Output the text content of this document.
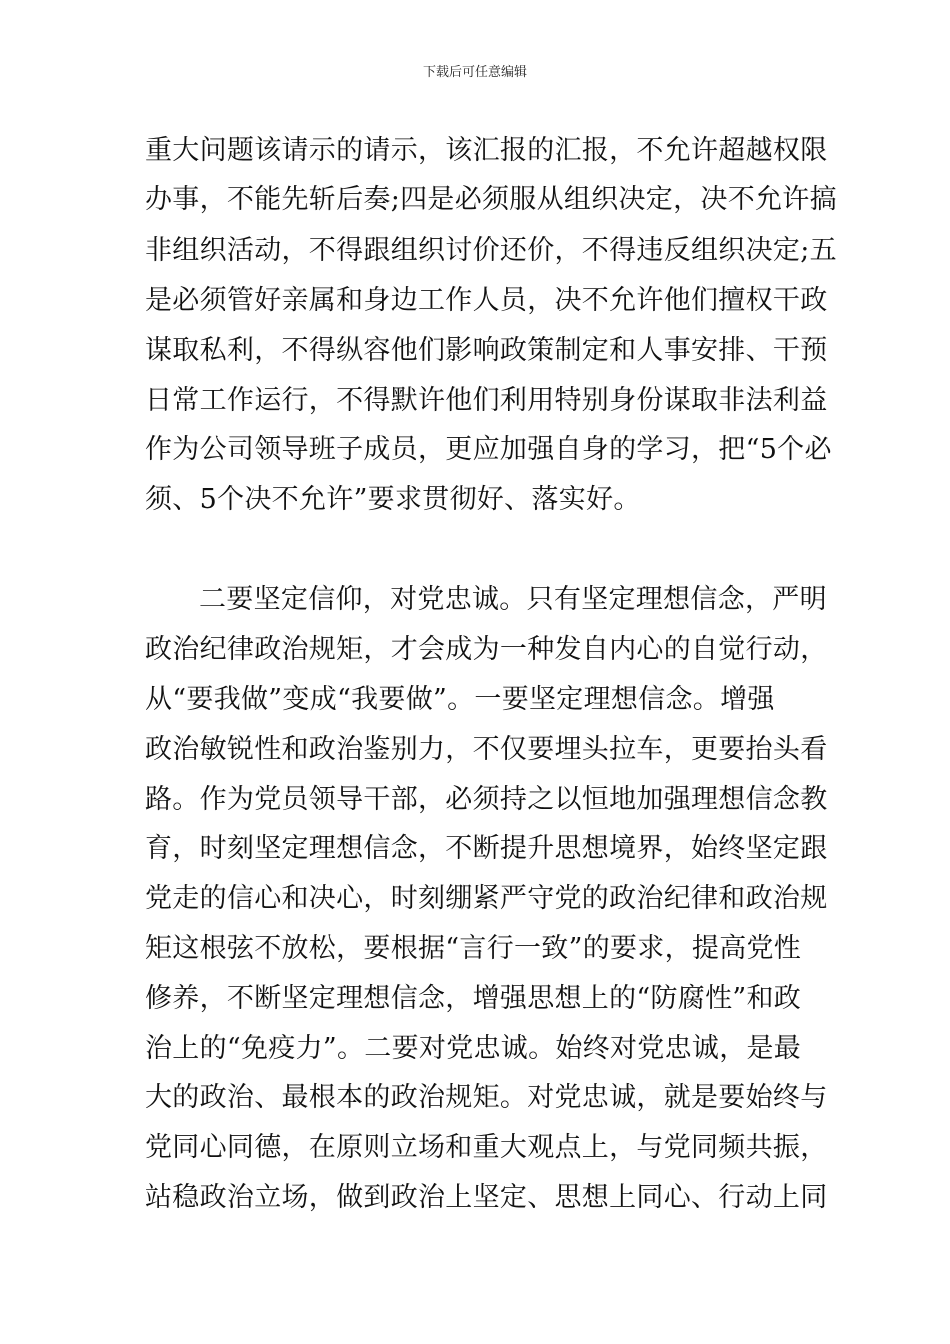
下载后可任意编辑
重大问题该请示的请示，该汇报的汇报，不允许超越权限
办事，不能先斩后奏;四是必须服从组织决定，决不允许搞
非组织活动，不得跟组织讨价还价，不得违反组织决定;五
是必须管好亲属和身边工作人员，决不允许他们擅权干政
谋取私利，不得纵容他们影响政策制定和人事安排、干预
日常工作运行，不得默许他们利用特别身份谋取非法利益
作为公司领导班子成员，更应加强自身的学习，把“5个必
须、5个决不允许”要求贯彻好、落实好。
二要坚定信仰，对党忠诚。只有坚定理想信念，严明
政治纪律政治规矩，才会成为一种发自内心的自觉行动，
从“要我做”变成“我要做”。一要坚定理想信念。增强
政治敏锐性和政治鉴别力，不仅要埋头拉车，更要抬头看
路。作为党员领导干部，必须持之以恒地加强理想信念教
育，时刻坚定理想信念，不断提升思想境界，始终坚定跟
党走的信心和决心，时刻绷紧严守党的政治纪律和政治规
矩这根弦不放松，要根据“言行一致”的要求，提高党性
修养，不断坚定理想信念，增强思想上的“防腐性”和政
治上的“免疫力”。二要对党忠诚。始终对党忠诚，是最
大的政治、最根本的政治规矩。对党忠诚，就是要始终与
党同心同德，在原则立场和重大观点上，与党同频共振，
站稳政治立场，做到政治上坚定、思想上同心、行动上同
